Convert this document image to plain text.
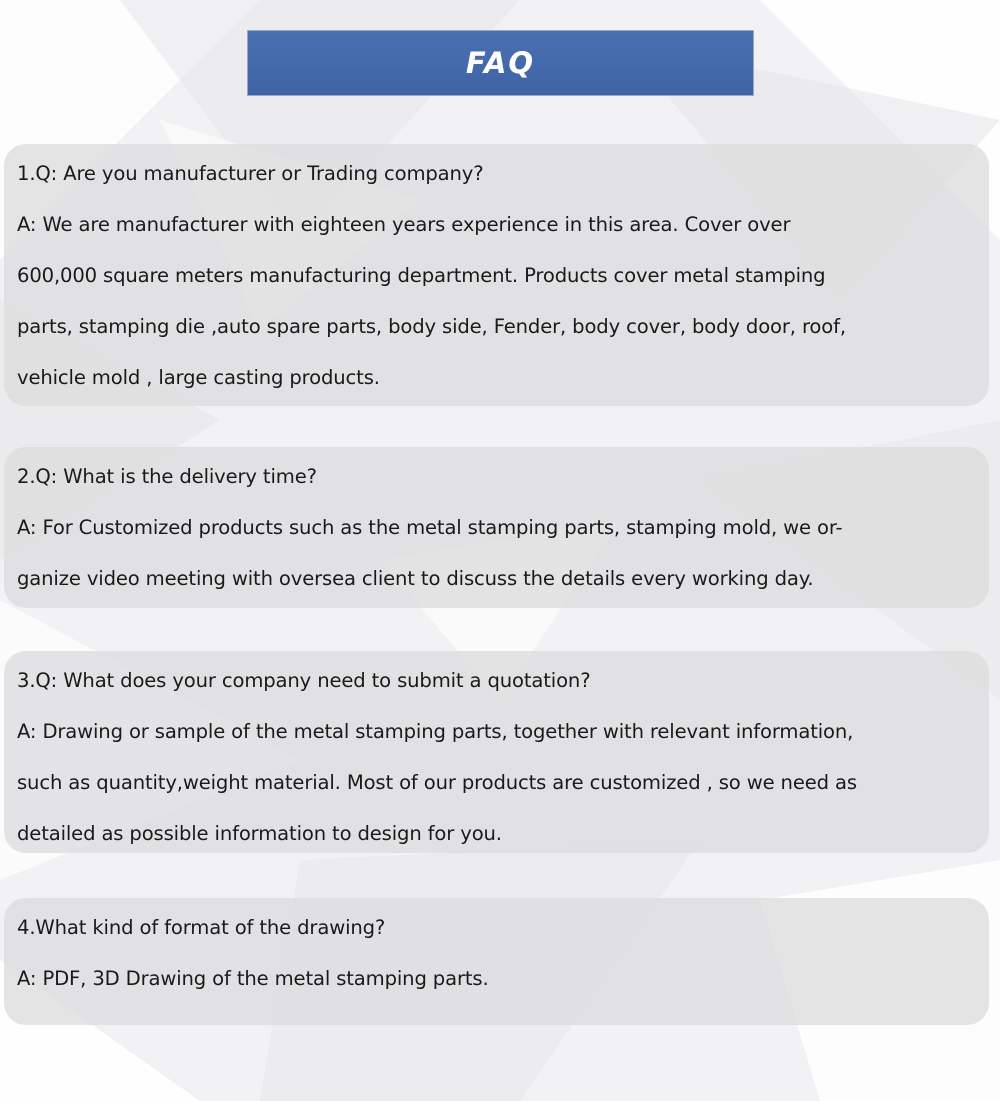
FAQ
1.Q: Are you manufacturer or Trading company?
A: We are manufacturer with eighteen years experience in this area. Cover over
600,000 square meters manufacturing department. Products cover metal stamping
parts, stamping die ,auto spare parts, body side, Fender, body cover, body door, roof,
vehicle mold , large casting products.
2.Q: What is the delivery time?
A: For Customized products such as the metal stamping parts, stamping mold, we or-
ganize video meeting with oversea client to discuss the details every working day.
3.Q: What does your company need to submit a quotation?
A: Drawing or sample of the metal stamping parts, together with relevant information,
such as quantity,weight material. Most of our products are customized , so we need as
detailed as possible information to design for you.
4.What kind of format of the drawing?
A: PDF, 3D Drawing of the metal stamping parts.
